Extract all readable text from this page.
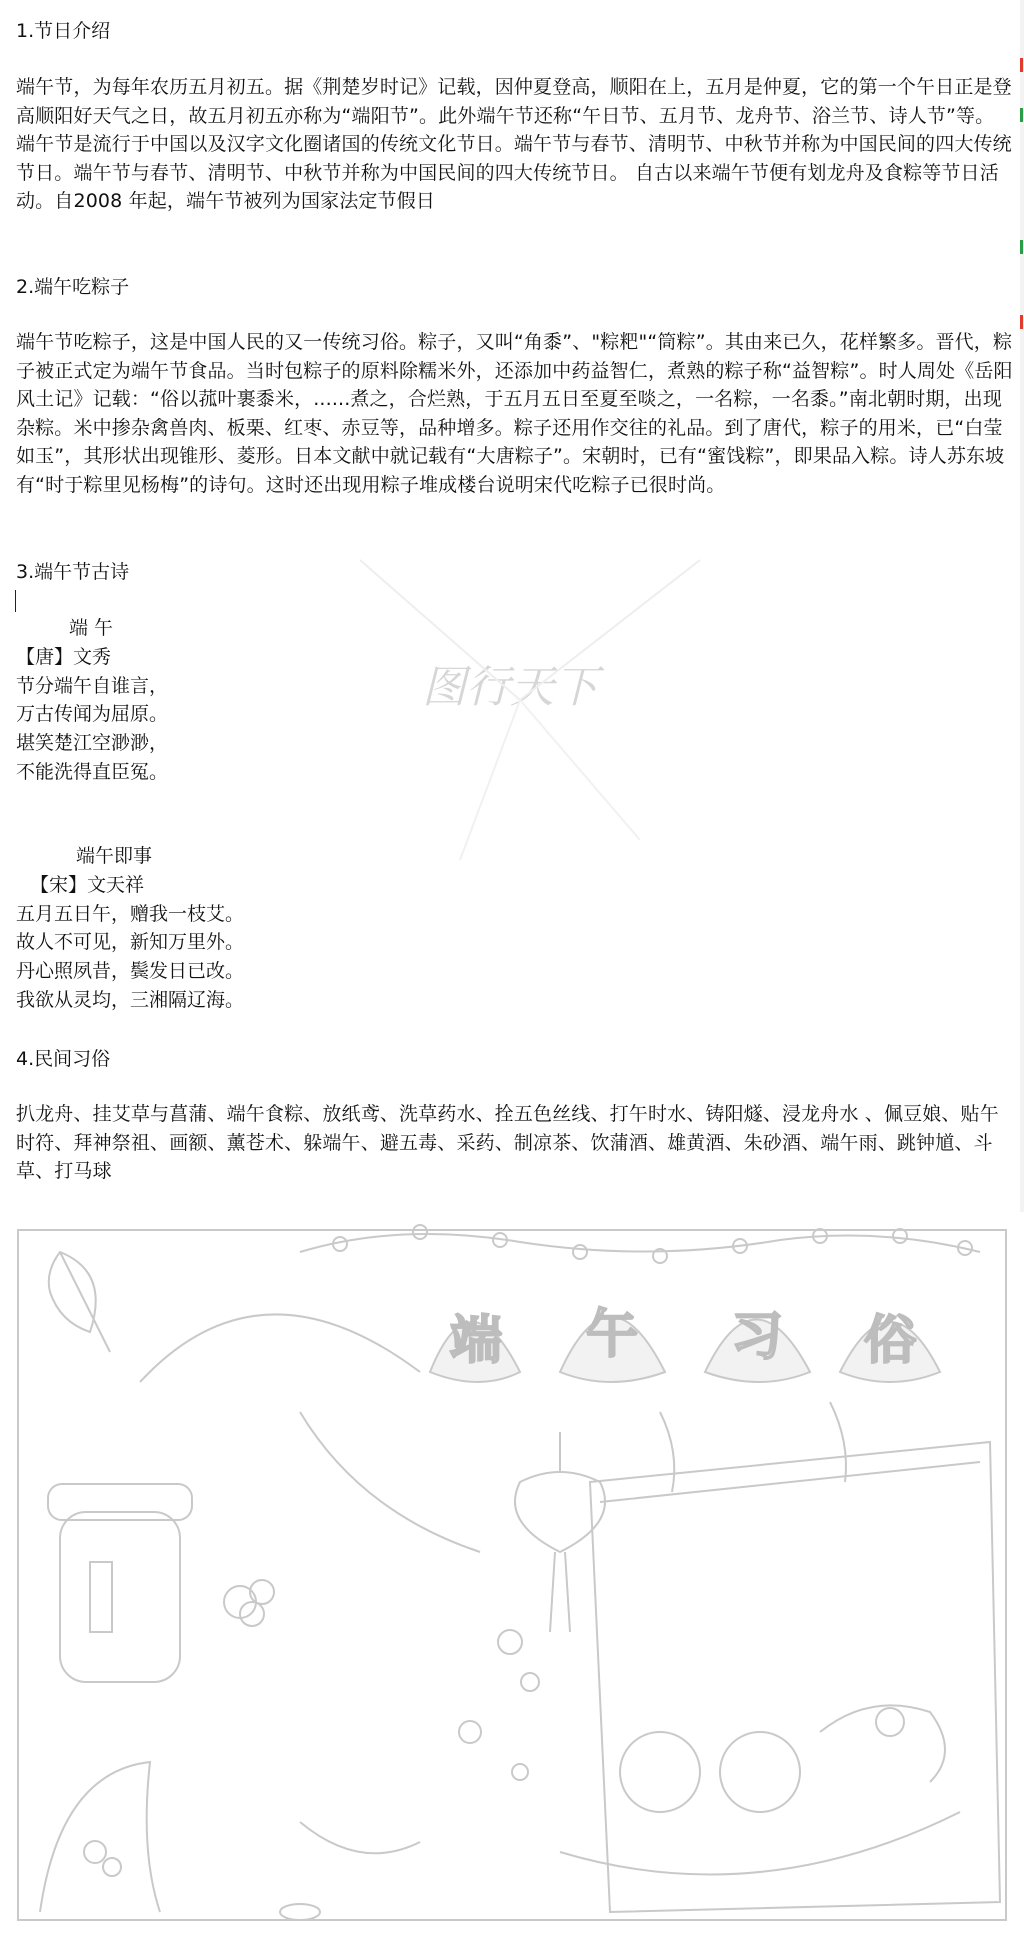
1.节日介绍
端午节，为每年农历五月初五。据《荆楚岁时记》记载，因仲夏登高，顺阳在上，五月是仲夏，它的第一个午日正是登高顺阳好天气之日，故五月初五亦称为“端阳节”。此外端午节还称“午日节、五月节、龙舟节、浴兰节、诗人节”等。 端午节是流行于中国以及汉字文化圈诸国的传统文化节日。端午节与春节、清明节、中秋节并称为中国民间的四大传统节日。端午节与春节、清明节、中秋节并称为中国民间的四大传统节日。 自古以来端午节便有划龙舟及食粽等节日活动。自2008 年起，端午节被列为国家法定节假日
2.端午吃粽子
端午节吃粽子，这是中国人民的又一传统习俗。粽子，又叫“角黍”、"粽粑"“筒粽”。其由来已久，花样繁多。晋代，粽子被正式定为端午节食品。当时包粽子的原料除糯米外，还添加中药益智仁，煮熟的粽子称“益智粽”。时人周处《岳阳风土记》记载：“俗以菰叶裹黍米，......煮之，合烂熟，于五月五日至夏至啖之，一名粽，一名黍。”南北朝时期，出现杂粽。米中掺杂禽兽肉、板栗、红枣、赤豆等，品种增多。粽子还用作交往的礼品。到了唐代，粽子的用米，已“白莹如玉”，其形状出现锥形、菱形。日本文献中就记载有“大唐粽子”。宋朝时，已有“蜜饯粽”，即果品入粽。诗人苏东坡有“时于粽里见杨梅”的诗句。这时还出现用粽子堆成楼台说明宋代吃粽子已很时尚。
3.端午节古诗
端 午
【唐】文秀
节分端午自谁言，
万古传闻为屈原。
堪笑楚江空渺渺，
不能洗得直臣冤。
端午即事
【宋】文天祥
五月五日午，赠我一枝艾。
故人不可见，新知万里外。
丹心照夙昔，鬓发日已改。
我欲从灵均，三湘隔辽海。
4.民间习俗
扒龙舟、挂艾草与菖蒲、端午食粽、放纸鸢、洗草药水、拴五色丝线、打午时水、铸阳燧、浸龙舟水 、佩豆娘、贴午时符、拜神祭祖、画额、薰苍术、躲端午、避五毒、采药、制凉茶、饮蒲酒、雄黄酒、朱砂酒、端午雨、跳钟馗、斗草、打马球
图行天下
端 午 习 俗
